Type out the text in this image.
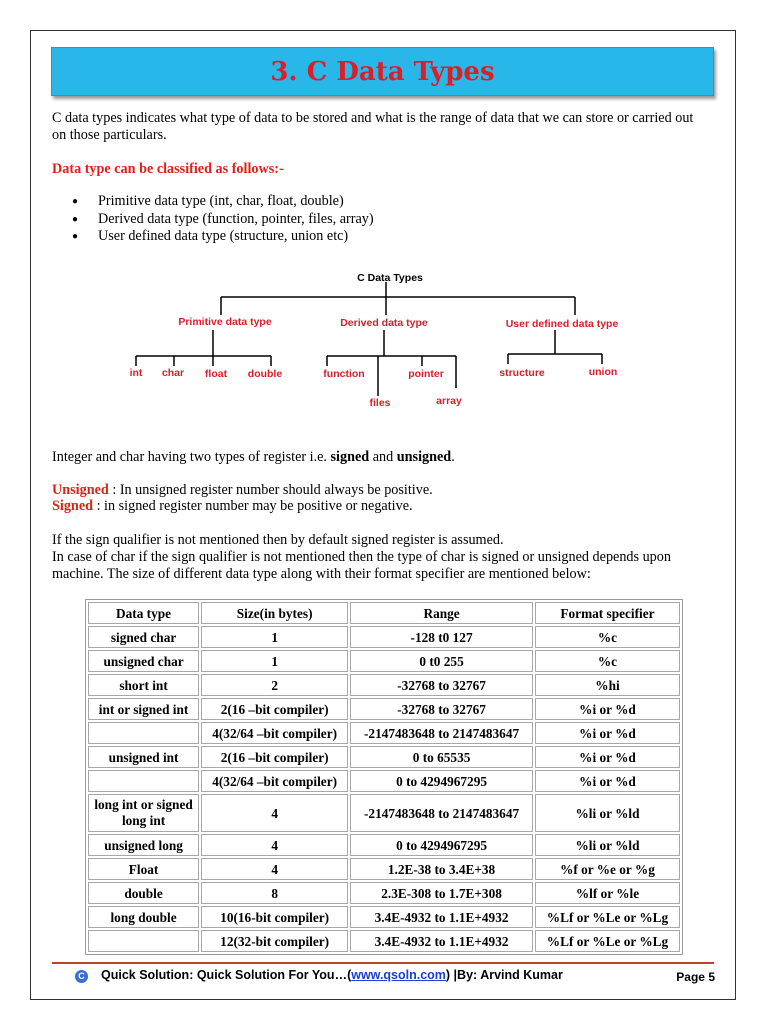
3. C Data Types
C data types indicates what type of data to be stored and what is the range of data that we can store or carried out on those particulars.
Data type can be classified as follows:-
● Primitive data type (int, char, float, double)
● Derived data type (function, pointer, files, array)
● User defined data type (structure, union etc)
C Data Types
Primitive data type	Derived data type	User defined data type
int char float double	function	pointer
files	array
structure	union
Integer and char having two types of register i.e. signed and unsigned.
Unsigned : In unsigned register number should always be positive.
Signed : in signed register number may be positive or negative.
If the sign qualifier is not mentioned then by default signed register is assumed.
In case of char if the sign qualifier is not mentioned then the type of char is signed or unsigned depends upon machine. The size of different data type along with their format specifier are mentioned below:
Data type	Size(in bytes)	Range	Format specifier
signed char	1	-128 t0 127	%c
unsigned char	1	0 t0 255	%c
short int	2	-32768 to 32767	%hi
int or signed int	2(16 –bit compiler)	-32768 to 32767	%i or %d
	4(32/64 –bit compiler)	-2147483648 to 2147483647	%i or %d
unsigned int	2(16 –bit compiler)	0 to 65535	%i or %d
	4(32/64 –bit compiler)	0 to 4294967295	%i or %d
long int or signed long int	4	-2147483648 to 2147483647	%li or %ld
unsigned long	4	0 to 4294967295	%li or %ld
Float	4	1.2E-38 to 3.4E+38	%f or %e or %g
double	8	2.3E-308 to 1.7E+308	%lf or %le
long double	10(16-bit compiler)	3.4E-4932 to 1.1E+4932	%Lf or %Le or %Lg
	12(32-bit compiler)	3.4E-4932 to 1.1E+4932	%Lf or %Le or %Lg
C Quick Solution: Quick Solution For You…(www.qsoln.com) |By: Arvind Kumar	Page 5
